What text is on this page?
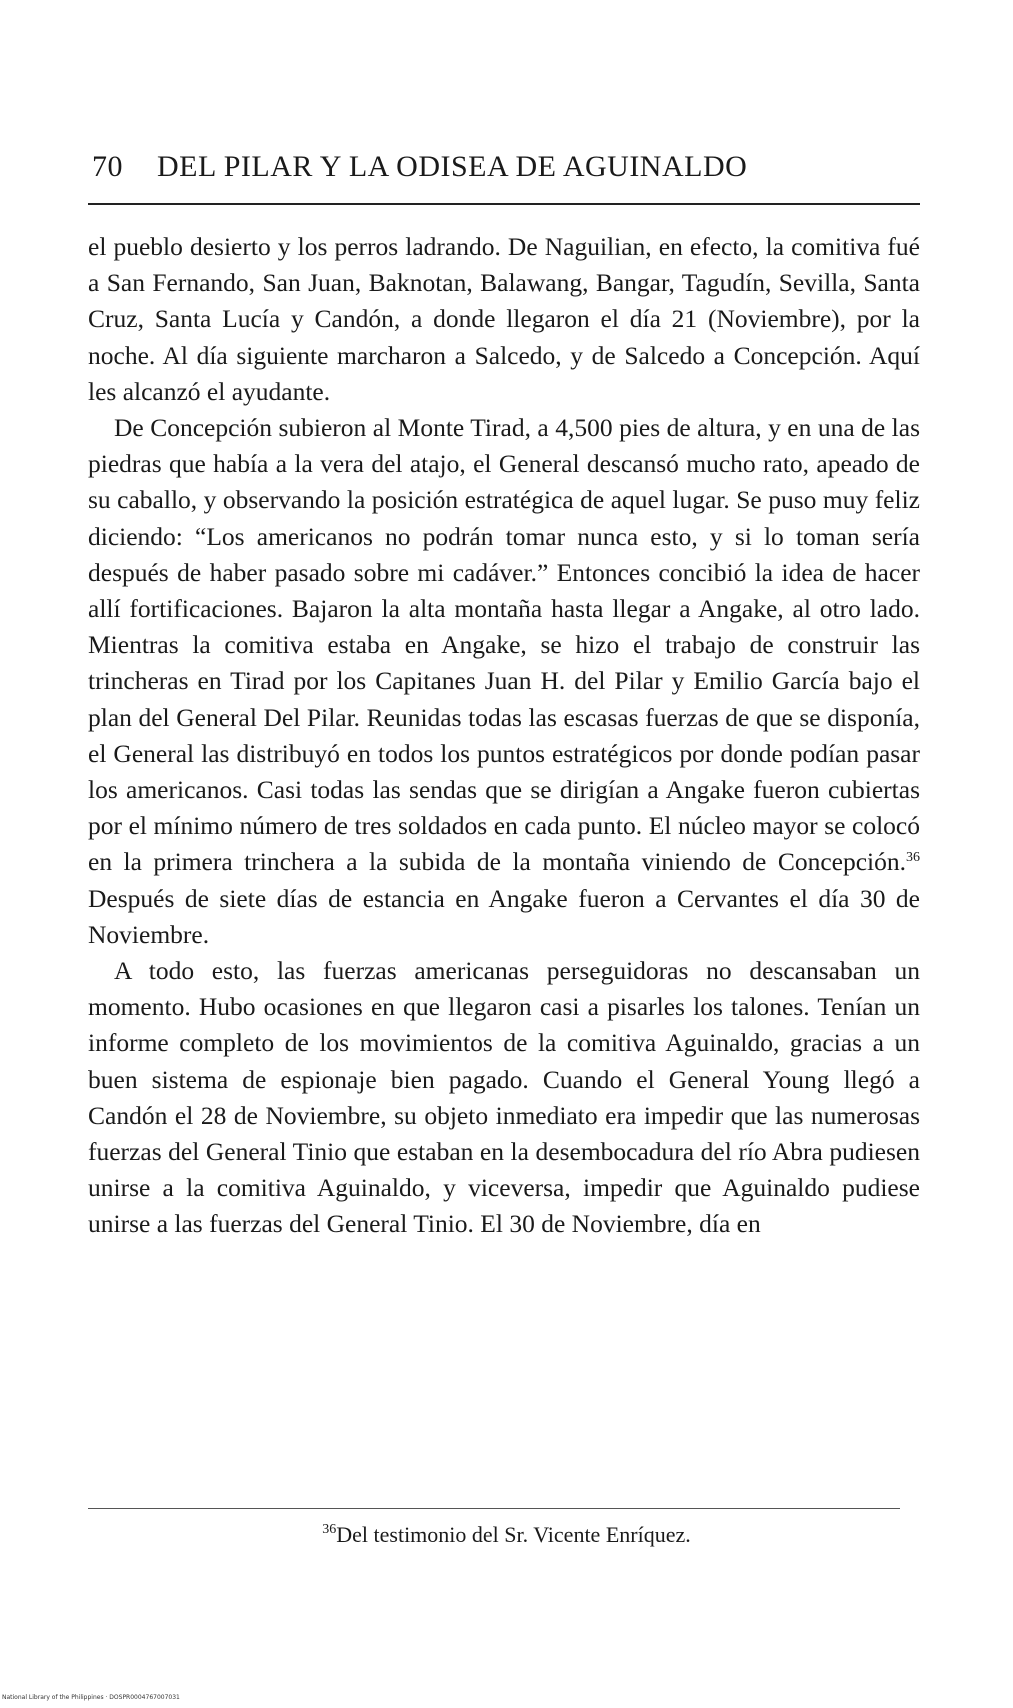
70 DEL PILAR Y LA ODISEA DE AGUINALDO

el pueblo desierto y los perros ladrando. De Naguilian, en efecto, la comitiva fué a San Fernando, San Juan, Baknotan, Balawang, Bangar, Tagudín, Sevilla, Santa Cruz, Santa Lucía y Candón, a donde llegaron el día 21 (Noviembre), por la noche. Al día siguiente marcharon a Salcedo, y de Salcedo a Concepción. Aquí les alcanzó el ayudante.

De Concepción subieron al Monte Tirad, a 4,500 pies de altura, y en una de las piedras que había a la vera del atajo, el General descansó mucho rato, apeado de su caballo, y observando la posición estratégica de aquel lugar. Se puso muy feliz diciendo: “Los americanos no podrán tomar nunca esto, y si lo toman sería después de haber pasado sobre mi cadáver.” Entonces concibió la idea de hacer allí fortificaciones. Bajaron la alta montaña hasta llegar a Angake, al otro lado. Mientras la comitiva estaba en Angake, se hizo el trabajo de construir las trincheras en Tirad por los Capitanes Juan H. del Pilar y Emilio García bajo el plan del General Del Pilar. Reunidas todas las escasas fuerzas de que se disponía, el General las distribuyó en todos los puntos estratégicos por donde podían pasar los americanos. Casi todas las sendas que se dirigían a Angake fueron cubiertas por el mínimo número de tres soldados en cada punto. El núcleo mayor se colocó en la primera trinchera a la subida de la montaña viniendo de Concepción.$^{36}$ Después de siete días de estancia en Angake fueron a Cervantes el día 30 de Noviembre.

A todo esto, las fuerzas americanas perseguidoras no descansaban un momento. Hubo ocasiones en que llegaron casi a pisarles los talones. Tenían un informe completo de los movimientos de la comitiva Aguinaldo, gracias a un buen sistema de espionaje bien pagado. Cuando el General Young llegó a Candón el 28 de Noviembre, su objeto inmediato era impedir que las numerosas fuerzas del General Tinio que estaban en la desembocadura del río Abra pudiesen unirse a la comitiva Aguinaldo, y viceversa, impedir que Aguinaldo pudiese unirse a las fuerzas del General Tinio. El 30 de Noviembre, día en

$^{36}$Del testimonio del Sr. Vicente Enríquez.
National Library of the Philippines · DOSPR0004767007031
